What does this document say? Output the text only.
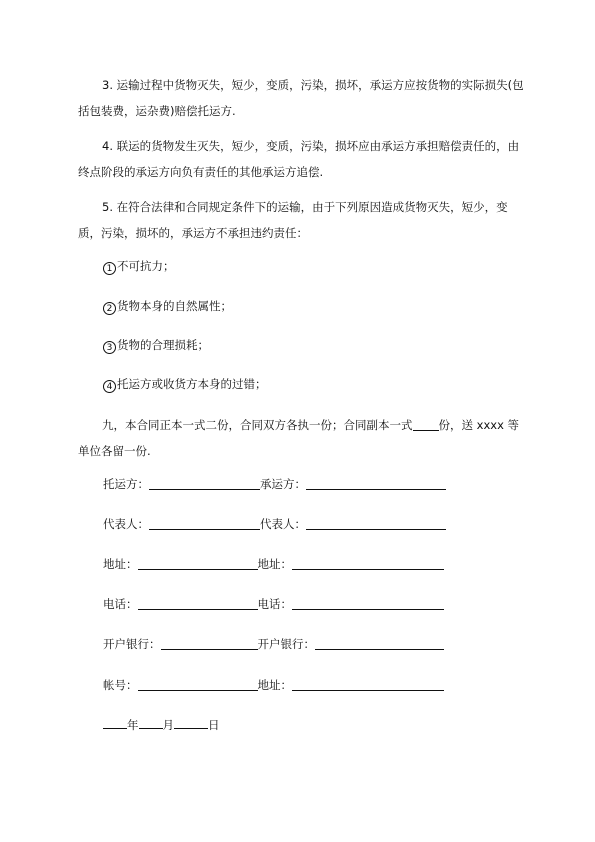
3. 运输过程中货物灭失，短少，变质，污染，损坏，承运方应按货物的实际损失(包括包装费，运杂费)赔偿托运方.

4. 联运的货物发生灭失，短少，变质，污染，损坏应由承运方承担赔偿责任的，由终点阶段的承运方向负有责任的其他承运方追偿.

5. 在符合法律和合同规定条件下的运输，由于下列原因造成货物灭失，短少，变质，污染，损坏的，承运方不承担违约责任：

1 不可抗力；

2 货物本身的自然属性；

3 货物的合理损耗；

4 托运方或收货方本身的过错；

九，本合同正本一式二份，合同双方各执一份；合同副本一式 份，送 xxxx 等单位各留一份.

托运方：	承运方：

代表人：	代表人：

地址：	地址：

电话：	电话：

开户银行：	开户银行：

帐号：	地址：

年 月	日
